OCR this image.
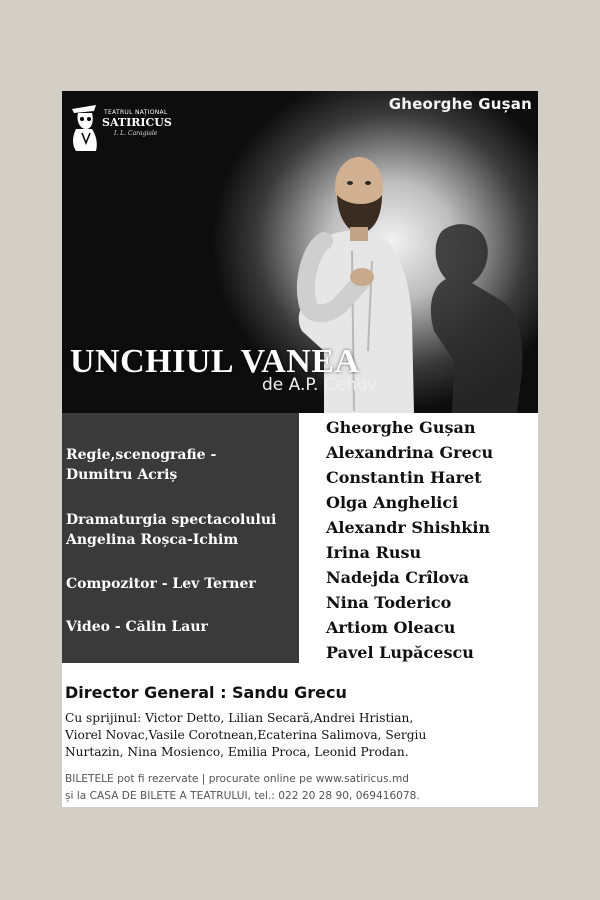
TEATRUL NAȚIONAL
SATIRICUS
I. L. Caragiale
Gheorghe Gușan
UNCHIUL VANEA
de A.P. Cehov
Regie,scenografie -
Dumitru Acriș
Dramaturgia spectacolului
Angelina Roșca-Ichim
Compozitor - Lev Terner
Video - Călin Laur
Gheorghe Gușan
Alexandrina Grecu
Constantin Haret
Olga Anghelici
Alexandr Shishkin
Irina Rusu
Nadejda Crîlova
Nina Toderico
Artiom Oleacu
Pavel Lupăcescu
Director General : Sandu Grecu
Cu sprijinul: Victor Detto, Lilian Secară,Andrei Hristian,
Viorel Novac,Vasile Corotnean,Ecaterina Salimova, Sergiu
Nurtazin, Nina Mosienco, Emilia Proca, Leonid Prodan.
BILETELE pot fi rezervate | procurate online pe www.satiricus.md
și la CASA DE BILETE A TEATRULUI, tel.: 022 20 28 90, 069416078.
